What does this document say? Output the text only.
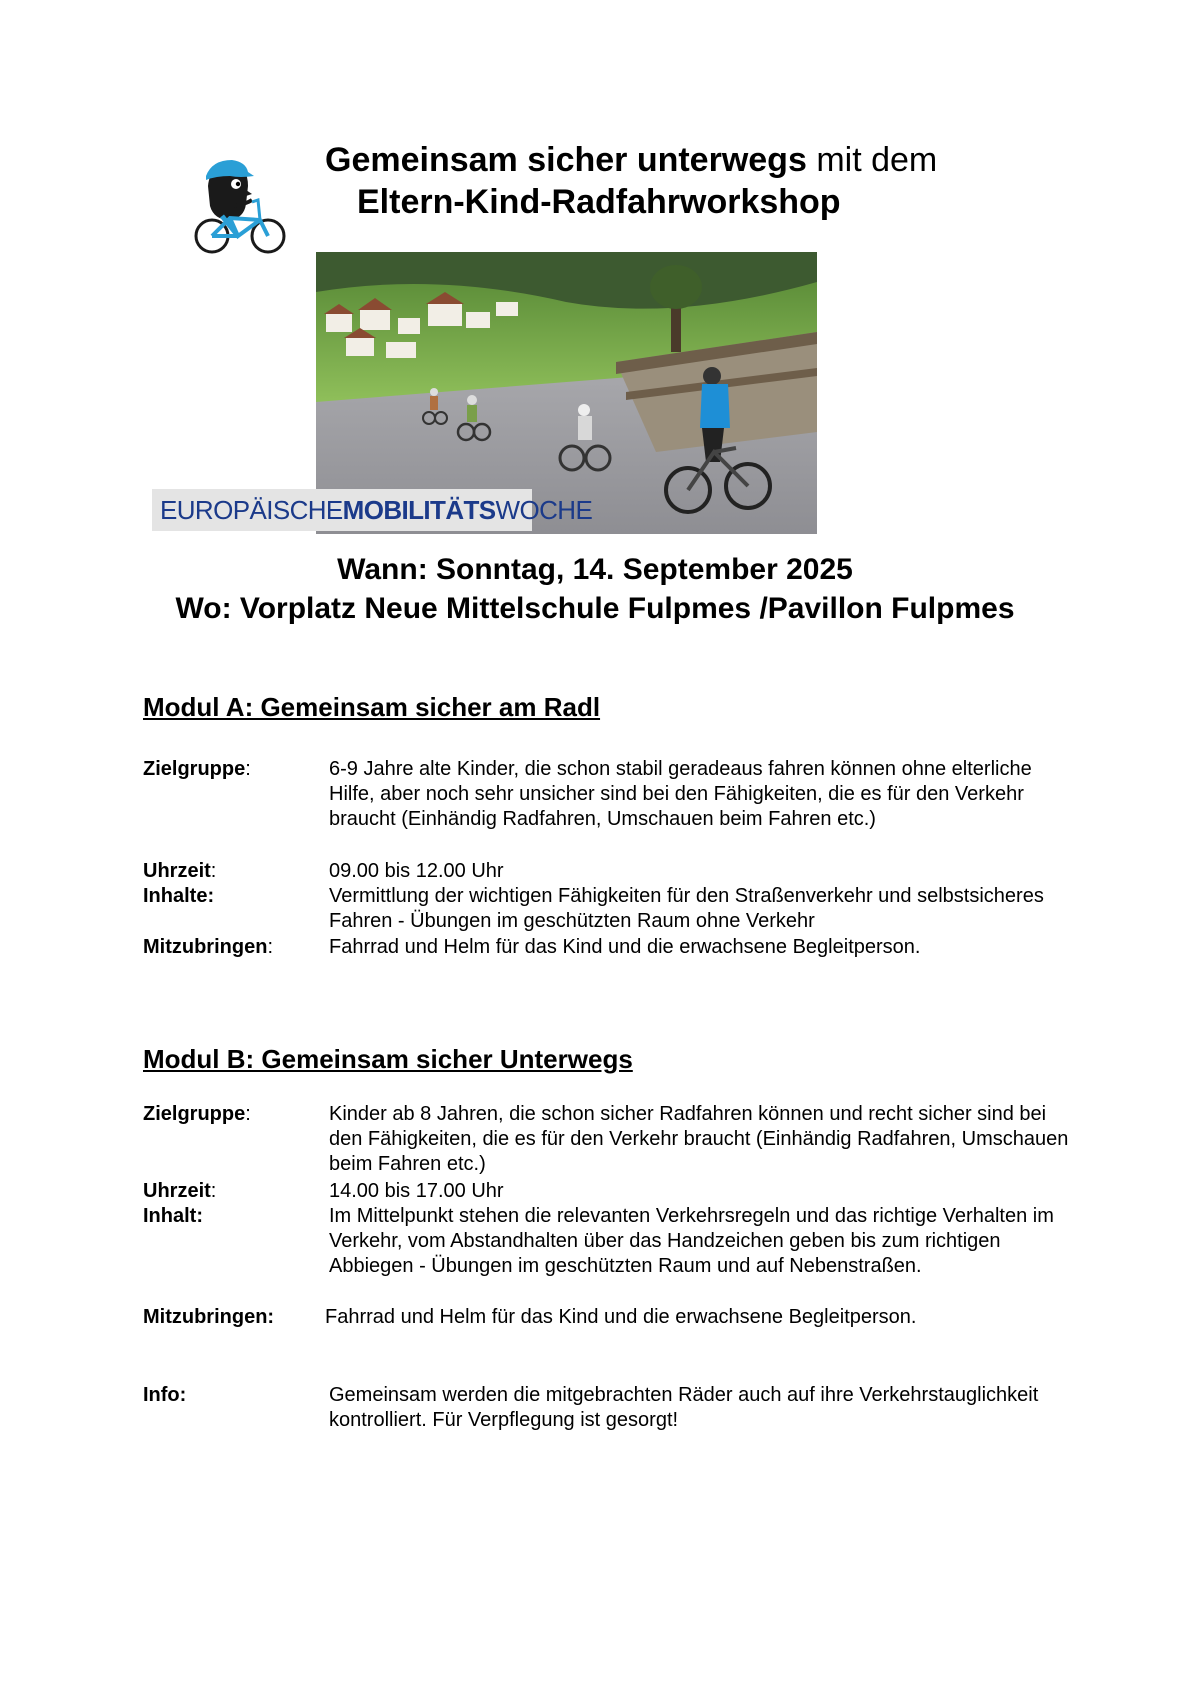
Gemeinsam sicher unterwegs mit dem
Eltern-Kind-Radfahrworkshop
EUROPÄISCHE MOBILITÄTS WOCHE
Wann: Sonntag, 14. September 2025
Wo: Vorplatz Neue Mittelschule Fulpmes /Pavillon Fulpmes
Modul A: Gemeinsam sicher am Radl
Zielgruppe:	6-9 Jahre alte Kinder, die schon stabil geradeaus fahren können ohne elterliche Hilfe, aber noch sehr unsicher sind bei den Fähigkeiten, die es für den Verkehr braucht (Einhändig Radfahren, Umschauen beim Fahren etc.)
Uhrzeit:	09.00 bis 12.00 Uhr
Inhalte:	Vermittlung der wichtigen Fähigkeiten für den Straßenverkehr und selbstsicheres Fahren - Übungen im geschützten Raum ohne Verkehr
Mitzubringen:	Fahrrad und Helm für das Kind und die erwachsene Begleitperson.
Modul B: Gemeinsam sicher Unterwegs
Zielgruppe:	Kinder ab 8 Jahren, die schon sicher Radfahren können und recht sicher sind bei den Fähigkeiten, die es für den Verkehr braucht (Einhändig Radfahren, Umschauen beim Fahren etc.)
Uhrzeit:	14.00 bis 17.00 Uhr
Inhalt:	Im Mittelpunkt stehen die relevanten Verkehrsregeln und das richtige Verhalten im Verkehr, vom Abstandhalten über das Handzeichen geben bis zum richtigen Abbiegen - Übungen im geschützten Raum und auf Nebenstraßen.
Mitzubringen:	Fahrrad und Helm für das Kind und die erwachsene Begleitperson.
Info:	Gemeinsam werden die mitgebrachten Räder auch auf ihre Verkehrstauglichkeit kontrolliert. Für Verpflegung ist gesorgt!
